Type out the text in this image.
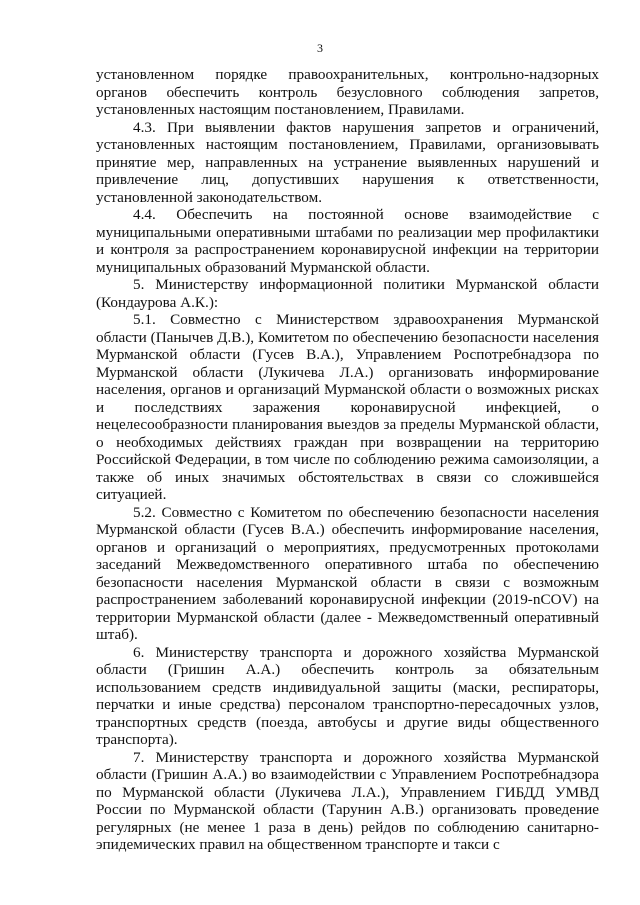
3

установленном порядке правоохранительных, контрольно-надзорных органов обеспечить контроль безусловного соблюдения запретов, установленных настоящим постановлением, Правилами.

4.3. При выявлении фактов нарушения запретов и ограничений, установленных настоящим постановлением, Правилами, организовывать принятие мер, направленных на устранение выявленных нарушений и привлечение лиц, допустивших нарушения к ответственности, установленной законодательством.

4.4. Обеспечить на постоянной основе взаимодействие с муниципальными оперативными штабами по реализации мер профилактики и контроля за распространением коронавирусной инфекции на территории муниципальных образований Мурманской области.

5. Министерству информационной политики Мурманской области (Кондаурова А.К.):

5.1. Совместно с Министерством здравоохранения Мурманской области (Панычев Д.В.), Комитетом по обеспечению безопасности населения Мурманской области (Гусев В.А.), Управлением Роспотребнадзора по Мурманской области (Лукичева Л.А.) организовать информирование населения, органов и организаций Мурманской области о возможных рисках и последствиях заражения коронавирусной инфекцией, о нецелесообразности планирования выездов за пределы Мурманской области, о необходимых действиях граждан при возвращении на территорию Российской Федерации, в том числе по соблюдению режима самоизоляции, а также об иных значимых обстоятельствах в связи со сложившейся ситуацией.

5.2. Совместно с Комитетом по обеспечению безопасности населения Мурманской области (Гусев В.А.) обеспечить информирование населения, органов и организаций о мероприятиях, предусмотренных протоколами заседаний Межведомственного оперативного штаба по обеспечению безопасности населения Мурманской области в связи с возможным распространением заболеваний коронавирусной инфекции (2019-nCOV) на территории Мурманской области (далее - Межведомственный оперативный штаб).

6. Министерству транспорта и дорожного хозяйства Мурманской области (Гришин А.А.) обеспечить контроль за обязательным использованием средств индивидуальной защиты (маски, респираторы, перчатки и иные средства) персоналом транспортно-пересадочных узлов, транспортных средств (поезда, автобусы и другие виды общественного транспорта).

7. Министерству транспорта и дорожного хозяйства Мурманской области (Гришин А.А.) во взаимодействии с Управлением Роспотребнадзора по Мурманской области (Лукичева Л.А.), Управлением ГИБДД УМВД России по Мурманской области (Тарунин А.В.) организовать проведение регулярных (не менее 1 раза в день) рейдов по соблюдению санитарно-эпидемических правил на общественном транспорте и такси с
